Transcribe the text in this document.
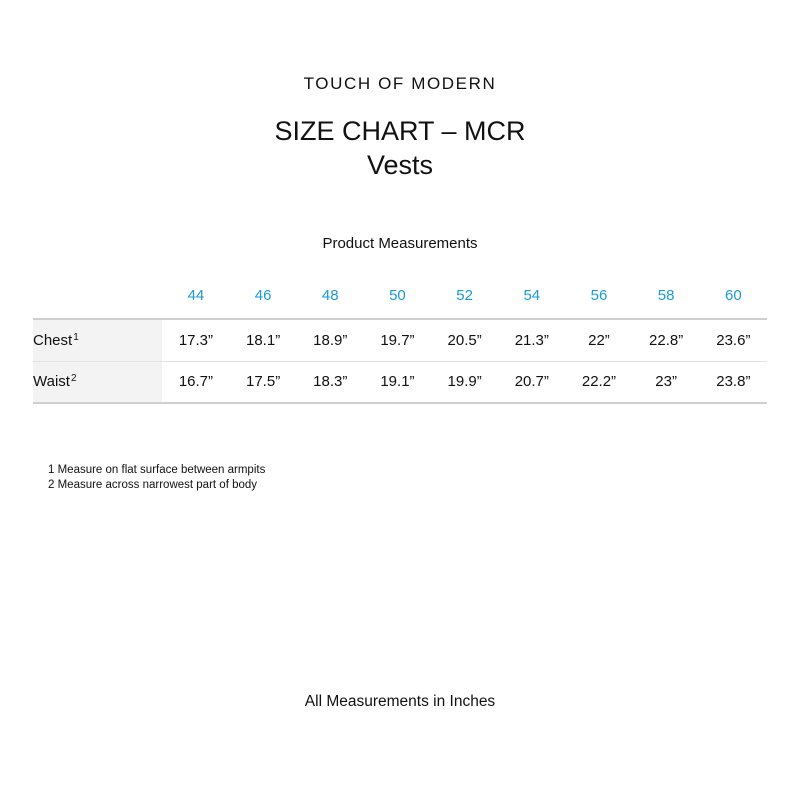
TOUCH OF MODERN
SIZE CHART – MCR
Vests
Product Measurements
	44	46	48	50	52	54	56	58	60
Chest$^1$	17.3”	18.1”	18.9”	19.7”	20.5”	21.3”	22”	22.8”	23.6”
Waist$^2$	16.7”	17.5”	18.3”	19.1”	19.9”	20.7”	22.2”	23”	23.8”
1 Measure on flat surface between armpits
2 Measure across narrowest part of body
All Measurements in Inches
